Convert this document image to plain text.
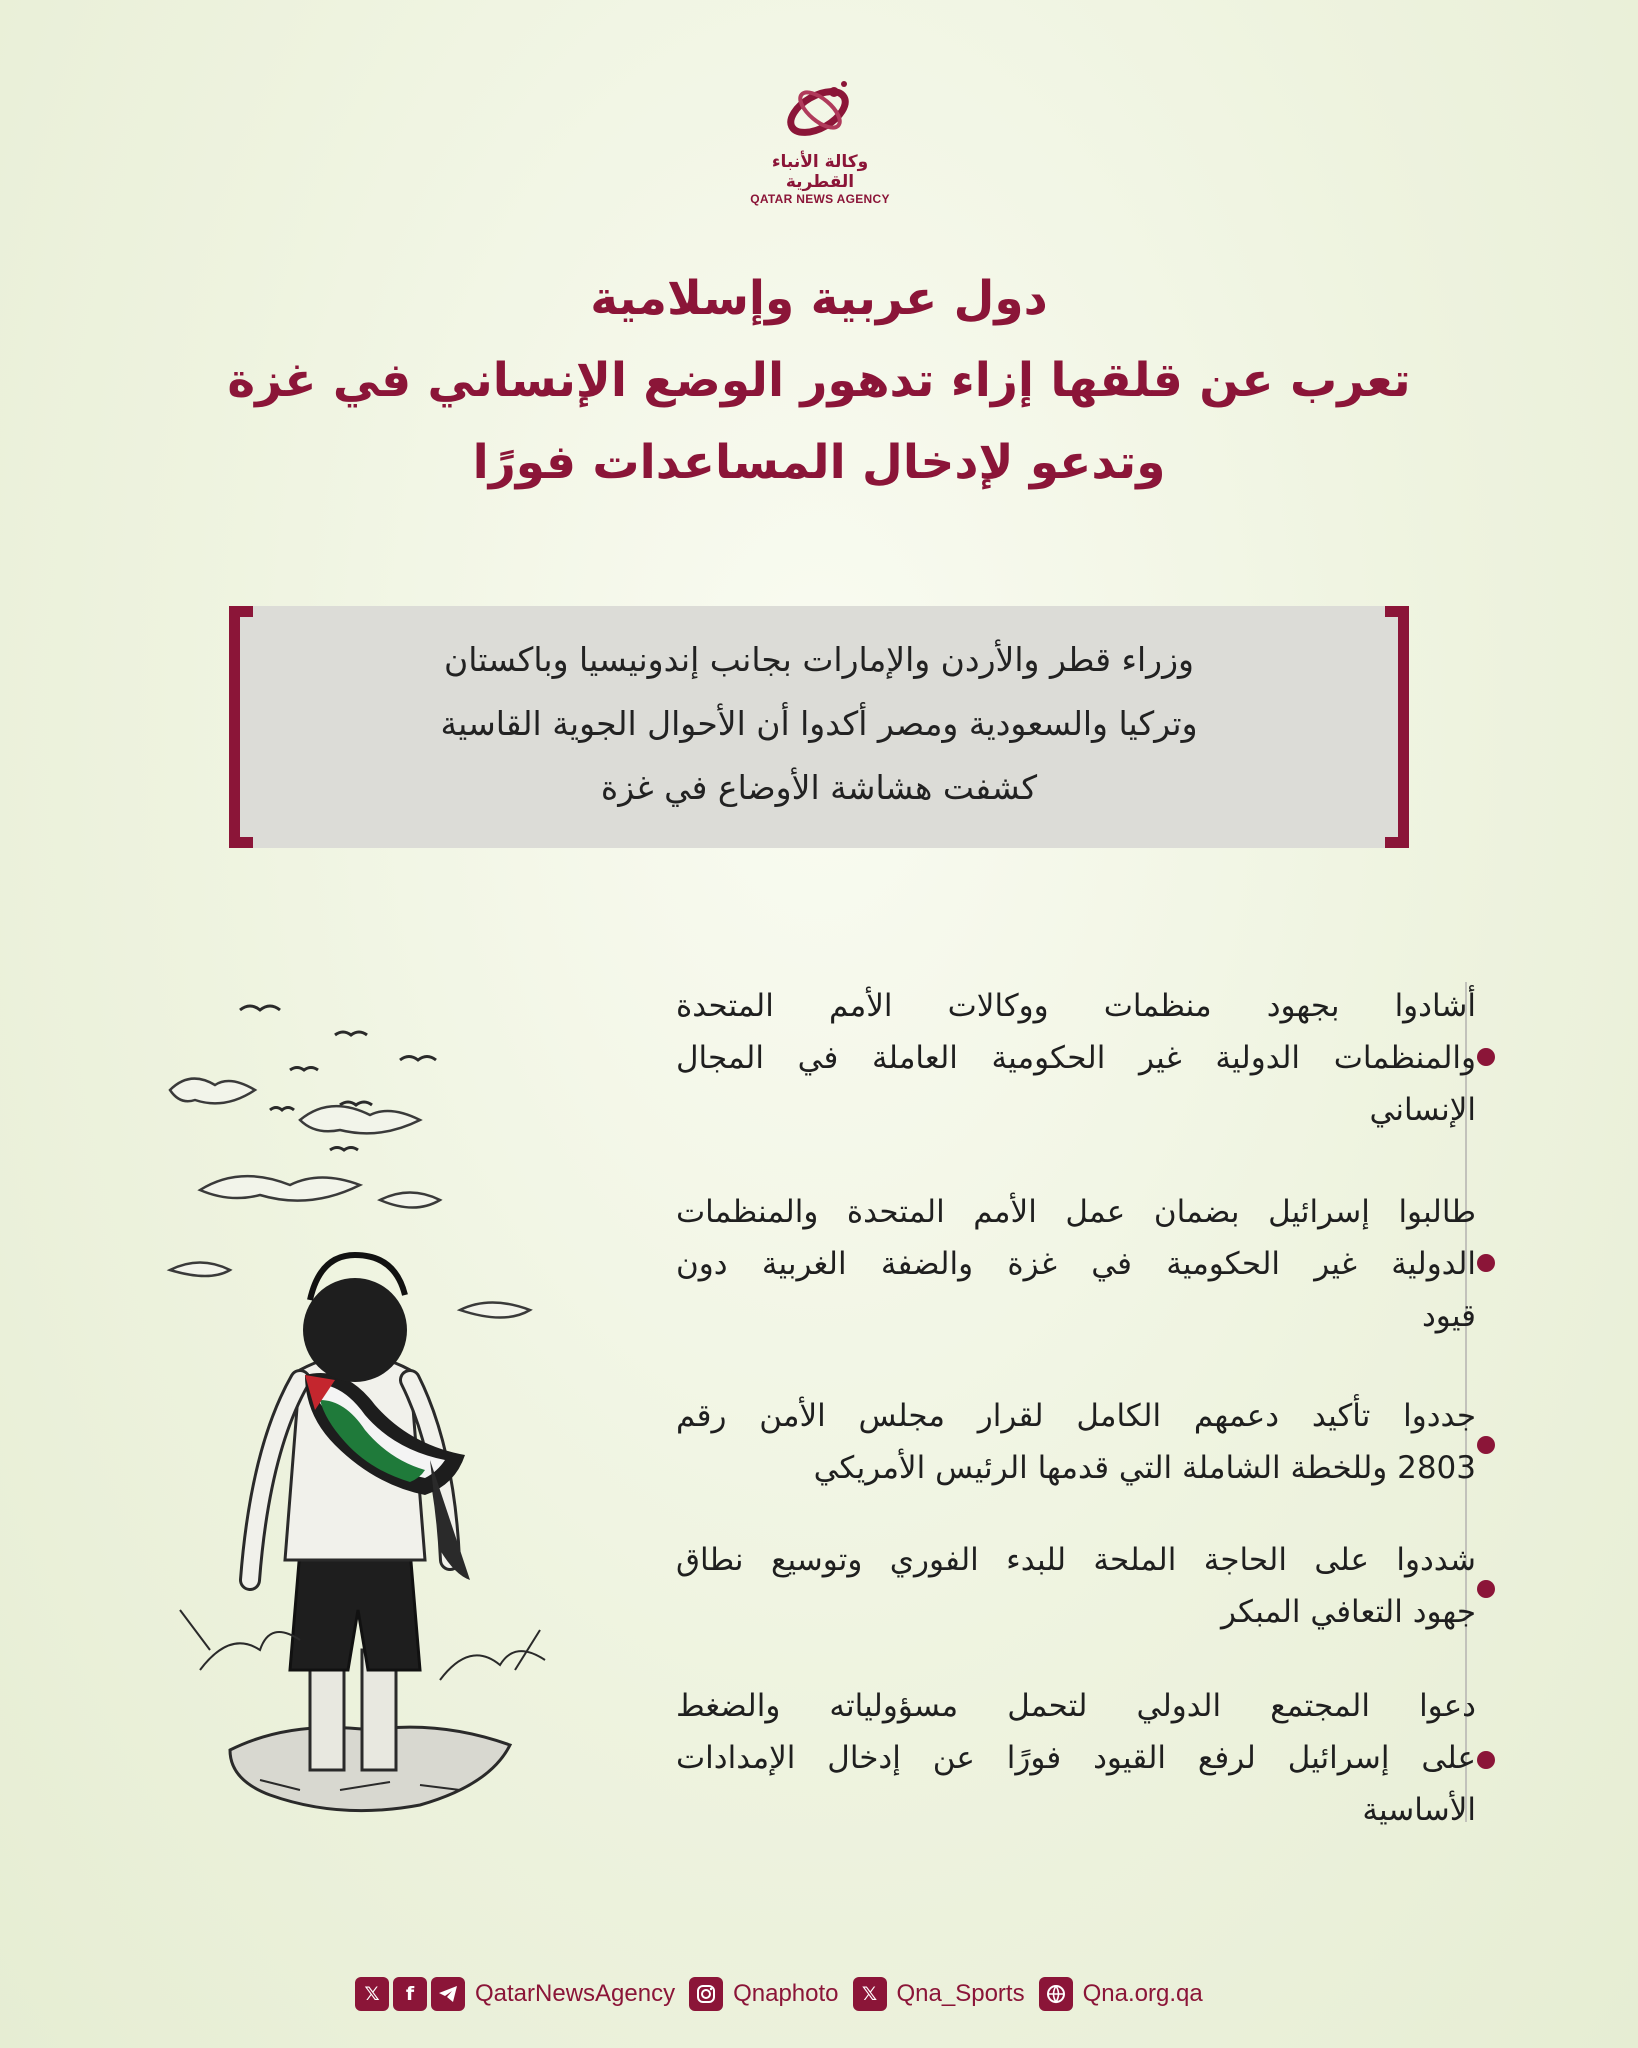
وكالة الأنباء القطرية
QATAR NEWS AGENCY
دول عربية وإسلامية
تعرب عن قلقها إزاء تدهور الوضع الإنساني في غزة
وتدعو لإدخال المساعدات فورًا
وزراء قطر والأردن والإمارات بجانب إندونيسيا وباكستان
وتركيا والسعودية ومصر أكدوا أن الأحوال الجوية القاسية
كشفت هشاشة الأوضاع في غزة
أشادوا بجهود منظمات ووكالات الأمم المتحدة
والمنظمات الدولية غير الحكومية العاملة في المجال
الإنساني
طالبوا إسرائيل بضمان عمل الأمم المتحدة والمنظمات
الدولية غير الحكومية في غزة والضفة الغربية دون
قيود
جددوا تأكيد دعمهم الكامل لقرار مجلس الأمن رقم
2803 وللخطة الشاملة التي قدمها الرئيس الأمريكي
شددوا على الحاجة الملحة للبدء الفوري وتوسيع نطاق
جهود التعافي المبكر
دعوا المجتمع الدولي لتحمل مسؤولياته والضغط
على إسرائيل لرفع القيود فورًا عن إدخال الإمدادات
الأساسية
𝕏	f	QatarNewsAgency Qnaphoto	𝕏 Qna_Sports Qna.org.qa
